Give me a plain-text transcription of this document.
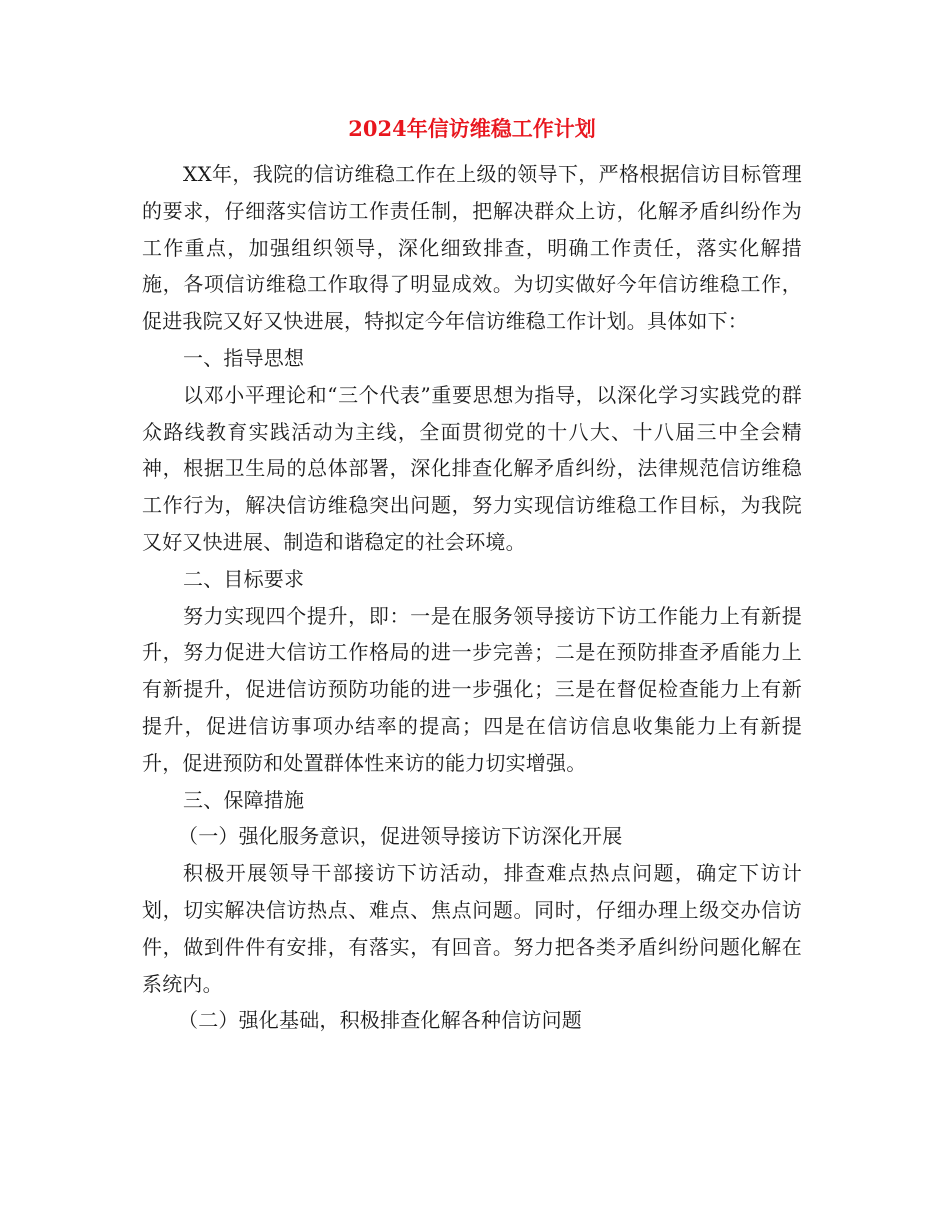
2024年信访维稳工作计划

XX年，我院的信访维稳工作在上级的领导下，严格根据信访目标管理的要求，仔细落实信访工作责任制，把解决群众上访，化解矛盾纠纷作为工作重点，加强组织领导，深化细致排查，明确工作责任，落实化解措施，各项信访维稳工作取得了明显成效。为切实做好今年信访维稳工作，促进我院又好又快进展，特拟定今年信访维稳工作计划。具体如下：

一、指导思想

以邓小平理论和“三个代表”重要思想为指导，以深化学习实践党的群众路线教育实践活动为主线，全面贯彻党的十八大、十八届三中全会精神，根据卫生局的总体部署，深化排查化解矛盾纠纷，法律规范信访维稳工作行为，解决信访维稳突出问题，努力实现信访维稳工作目标，为我院又好又快进展、制造和谐稳定的社会环境。

二、目标要求

努力实现四个提升，即：一是在服务领导接访下访工作能力上有新提升，努力促进大信访工作格局的进一步完善；二是在预防排查矛盾能力上有新提升，促进信访预防功能的进一步强化；三是在督促检查能力上有新提升，促进信访事项办结率的提高；四是在信访信息收集能力上有新提升，促进预防和处置群体性来访的能力切实增强。

三、保障措施

（一）强化服务意识，促进领导接访下访深化开展

积极开展领导干部接访下访活动，排查难点热点问题，确定下访计划，切实解决信访热点、难点、焦点问题。同时，仔细办理上级交办信访件，做到件件有安排，有落实，有回音。努力把各类矛盾纠纷问题化解在系统内。

（二）强化基础，积极排查化解各种信访问题
